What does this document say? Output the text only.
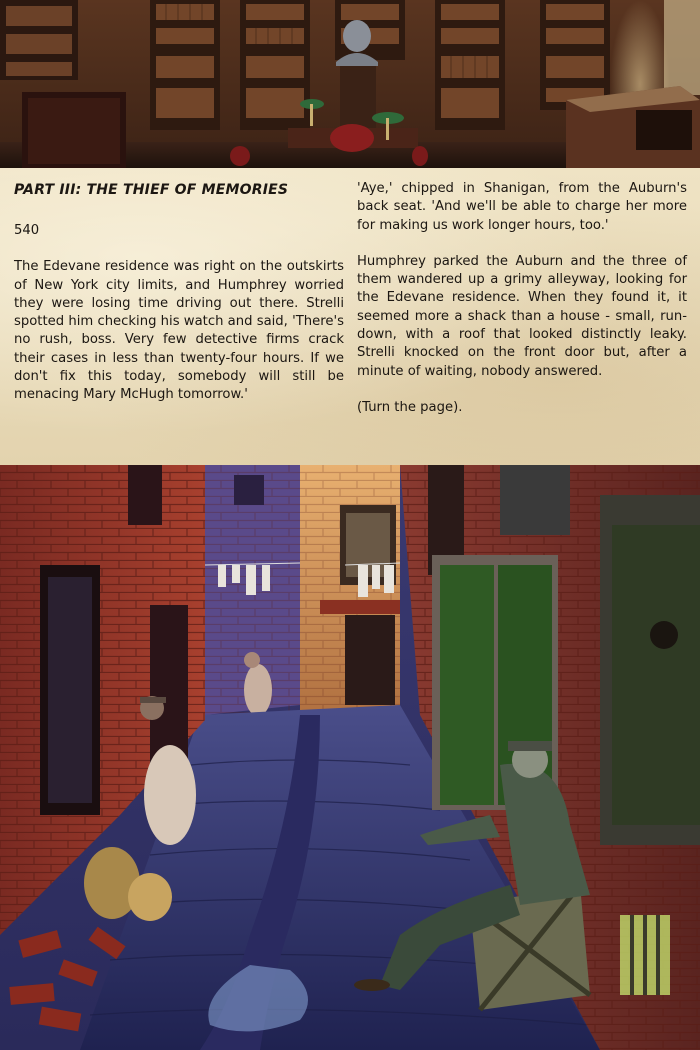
PART III: THE THIEF OF MEMORIES
540
The Edevane residence was right on the outskirts of New York city limits, and Humphrey worried they were losing time driving out there. Strelli spotted him checking his watch and said, 'There's no rush, boss. Very few detective firms crack their cases in less than twenty-four hours. If we don't fix this today, somebody will still be menacing Mary McHugh tomorrow.'
'Aye,' chipped in Shanigan, from the Auburn's back seat. 'And we'll be able to charge her more for making us work longer hours, too.'
Humphrey parked the Auburn and the three of them wandered up a grimy alleyway, looking for the Edevane residence. When they found it, it seemed more a shack than a house - small, run-down, with a roof that looked distinctly leaky. Strelli knocked on the front door but, after a minute of waiting, nobody answered.
(Turn the page).
